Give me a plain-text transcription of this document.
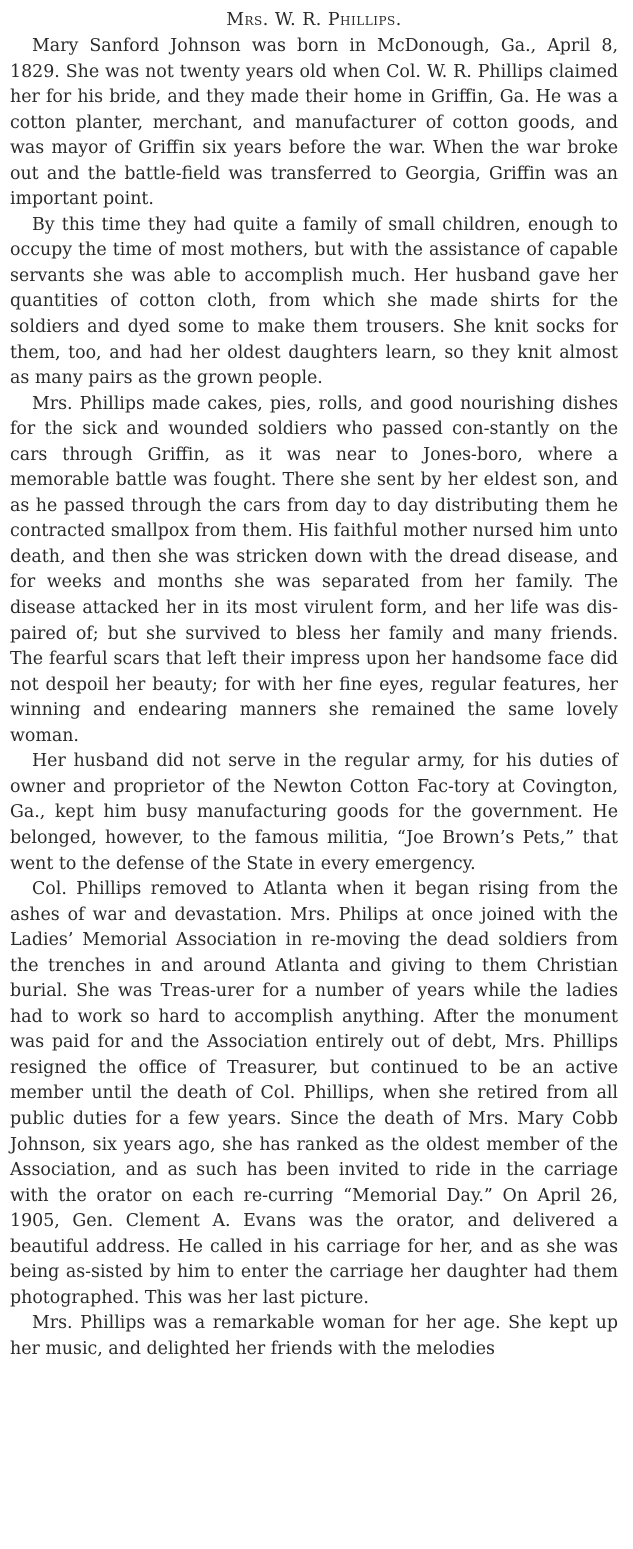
Mrs. W. R. Phillips.

Mary Sanford Johnson was born in McDonough, Ga., April 8, 1829. She was not twenty years old when Col. W. R. Phillips claimed her for his bride, and they made their home in Griffin, Ga. He was a cotton planter, merchant, and manufacturer of cotton goods, and was mayor of Griffin six years before the war. When the war broke out and the battle-field was transferred to Georgia, Griffin was an important point.

By this time they had quite a family of small children, enough to occupy the time of most mothers, but with the assistance of capable servants she was able to accomplish much. Her husband gave her quantities of cotton cloth, from which she made shirts for the soldiers and dyed some to make them trousers. She knit socks for them, too, and had her oldest daughters learn, so they knit almost as many pairs as the grown people.

Mrs. Phillips made cakes, pies, rolls, and good nourishing dishes for the sick and wounded soldiers who passed con-stantly on the cars through Griffin, as it was near to Jones-boro, where a memorable battle was fought. There she sent by her eldest son, and as he passed through the cars from day to day distributing them he contracted smallpox from them. His faithful mother nursed him unto death, and then she was stricken down with the dread disease, and for weeks and months she was separated from her family. The disease attacked her in its most virulent form, and her life was dis-paired of; but she survived to bless her family and many friends. The fearful scars that left their impress upon her handsome face did not despoil her beauty; for with her fine eyes, regular features, her winning and endearing manners she remained the same lovely woman.

Her husband did not serve in the regular army, for his duties of owner and proprietor of the Newton Cotton Fac-tory at Covington, Ga., kept him busy manufacturing goods for the government. He belonged, however, to the famous militia, “Joe Brown’s Pets,” that went to the defense of the State in every emergency.

Col. Phillips removed to Atlanta when it began rising from the ashes of war and devastation. Mrs. Philips at once joined with the Ladies’ Memorial Association in re-moving the dead soldiers from the trenches in and around Atlanta and giving to them Christian burial. She was Treas-urer for a number of years while the ladies had to work so hard to accomplish anything. After the monument was paid for and the Association entirely out of debt, Mrs. Phillips resigned the office of Treasurer, but continued to be an active member until the death of Col. Phillips, when she retired from all public duties for a few years. Since the death of Mrs. Mary Cobb Johnson, six years ago, she has ranked as the oldest member of the Association, and as such has been invited to ride in the carriage with the orator on each re-curring “Memorial Day.” On April 26, 1905, Gen. Clement A. Evans was the orator, and delivered a beautiful address. He called in his carriage for her, and as she was being as-sisted by him to enter the carriage her daughter had them photographed. This was her last picture.

Mrs. Phillips was a remarkable woman for her age. She kept up her music, and delighted her friends with the melodies
